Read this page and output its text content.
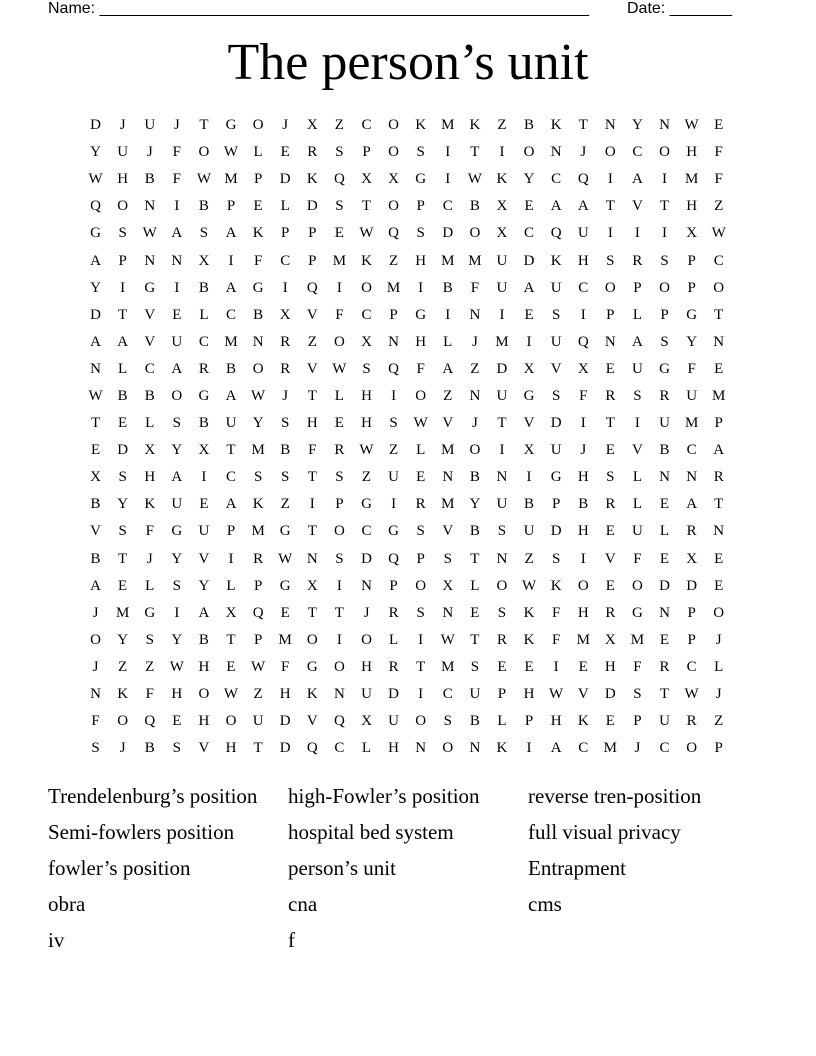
Name: _______________________________________________________ Date: _______
The person’s unit
D	J	U	J	T	G	O	J	X	Z	C	O	K	M	K	Z	B	K	T	N	Y	N W	E
Y	U	J	F	O W	L	E	R	S	P	O	S	I	T	I	O	N	J	O	C	O	H	F
W H	B	F	W M	P	D	K	Q	X	X	G	I	W K	Y	C	Q	I	A	I	M	F
Q	O	N	I	B	P	E	L	D	S	T	O	P	C	B	X	E	A	A	T	V	T	H	Z
G	S	W A	S	A	K	P	P	E	W Q	S	D	O	X	C	Q	U	I	I	I	X W
A	P	N	N	X	I	F	C	P	M	K	Z	H	M M	U	D	K	H	S	R	S	P	C
Y	I	G	I	B	A	G	I	Q	I	O	M	I	B	F	U	A	U	C	O	P	O	P	O
D	T	V	E	L	C	B	X	V	F	C	P	G	I	N	I	E	S	I	P	L	P	G	T
A	A	V	U	C	M	N	R	Z	O	X	N	H	L	J	M	I	U	Q	N	A	S	Y	N
N	L	C	A	R	B	O	R	V W	S	Q	F	A	Z	D	X	V	X	E	U	G	F	E
W	B	B	O	G	A W	J	T	L	H	I	O	Z	N	U	G	S	F	R	S	R	U	M
T	E	L	S	B	U	Y	S	H	E	H	S	W V	J	T	V	D	I	T	I	U	M	P
E	D	X	Y	X	T	M	B	F	R	W	Z	L	M	O	I	X	U	J	E	V	B	C	A
X	S	H	A	I	C	S	S	T	S	Z	U	E	N	B	N	I	G	H	S	L	N	N	R
B	Y	K	U	E	A	K	Z	I	P	G	I	R	M	Y	U	B	P	B	R	L	E	A	T
V	S	F	G	U	P	M	G	T	O	C	G	S	V	B	S	U	D	H	E	U	L	R	N
B	T	J	Y	V	I	R	W N	S	D	Q	P	S	T	N	Z	S	I	V	F	E	X	E
A	E	L	S	Y	L	P	G	X	I	N	P	O	X	L	O W K	O	E	O	D	D	E
J	M	G	I	A	X	Q	E	T	T	J	R	S	N	E	S	K	F	H	R	G	N	P	O
O	Y	S	Y	B	T	P	M	O	I	O	L	I	W	T	R	K	F	M	X	M	E	P	J
J	Z	Z	W H	E	W	F	G	O	H	R	T	M	S	E	E	I	E	H	F	R	C	L
N	K	F	H	O W	Z	H	K	N	U	D	I	C	U	P	H W V	D	S	T	W	J
F	O	Q	E	H	O	U	D	V	Q	X	U	O	S	B	L	P	H	K	E	P	U	R	Z
S	J	B	S	V	H	T	D	Q	C	L	H	N	O	N	K	I	A	C	M	J	C	O	P
Trendelenburg’s position	high-Fowler’s position	reverse tren-position
Semi-fowlers position	hospital bed system	full visual privacy
fowler’s position	person’s unit	Entrapment
obra	cna	cms
iv	f
